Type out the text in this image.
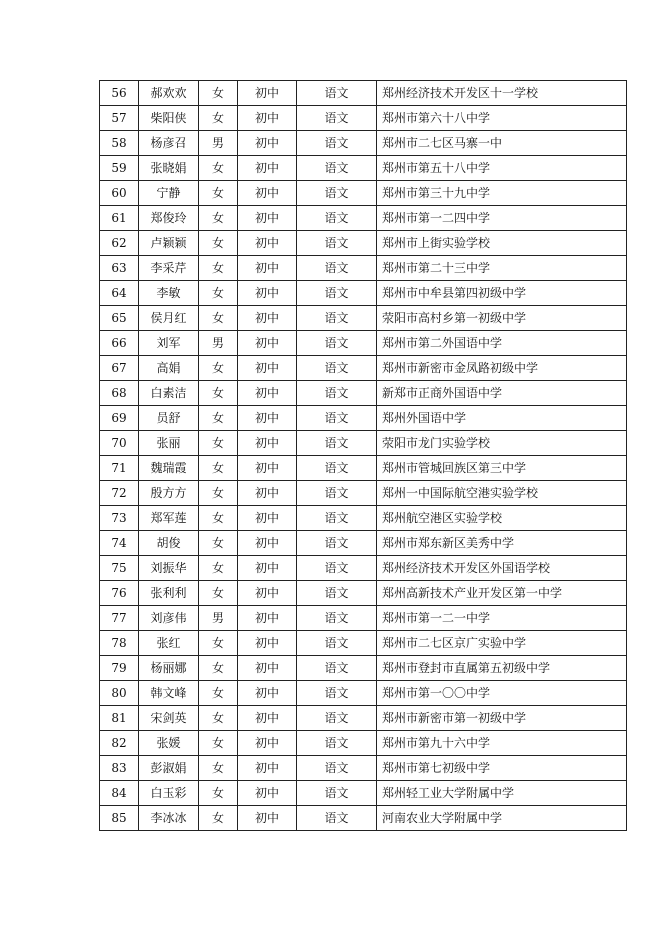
56	郝欢欢	女	初中	语文	郑州经济技术开发区十一学校
57	柴阳侠	女	初中	语文	郑州市第六十八中学
58	杨彦召	男	初中	语文	郑州市二七区马寨一中
59	张晓娟	女	初中	语文	郑州市第五十八中学
60	宁静	女	初中	语文	郑州市第三十九中学
61	郑俊玲	女	初中	语文	郑州市第一二四中学
62	卢颖颖	女	初中	语文	郑州市上街实验学校
63	李采芹	女	初中	语文	郑州市第二十三中学
64	李敏	女	初中	语文	郑州市中牟县第四初级中学
65	侯月红	女	初中	语文	荥阳市高村乡第一初级中学
66	刘军	男	初中	语文	郑州市第二外国语中学
67	高娟	女	初中	语文	郑州市新密市金凤路初级中学
68	白素洁	女	初中	语文	新郑市正商外国语中学
69	员舒	女	初中	语文	郑州外国语中学
70	张丽	女	初中	语文	荥阳市龙门实验学校
71	魏瑞霞	女	初中	语文	郑州市管城回族区第三中学
72	殷方方	女	初中	语文	郑州一中国际航空港实验学校
73	郑军莲	女	初中	语文	郑州航空港区实验学校
74	胡俊	女	初中	语文	郑州市郑东新区美秀中学
75	刘振华	女	初中	语文	郑州经济技术开发区外国语学校
76	张利利	女	初中	语文	郑州高新技术产业开发区第一中学
77	刘彦伟	男	初中	语文	郑州市第一二一中学
78	张红	女	初中	语文	郑州市二七区京广实验中学
79	杨丽娜	女	初中	语文	郑州市登封市直属第五初级中学
80	韩文峰	女	初中	语文	郑州市第一〇〇中学
81	宋剑英	女	初中	语文	郑州市新密市第一初级中学
82	张媛	女	初中	语文	郑州市第九十六中学
83	彭淑娟	女	初中	语文	郑州市第七初级中学
84	白玉彩	女	初中	语文	郑州轻工业大学附属中学
85	李冰冰	女	初中	语文	河南农业大学附属中学
